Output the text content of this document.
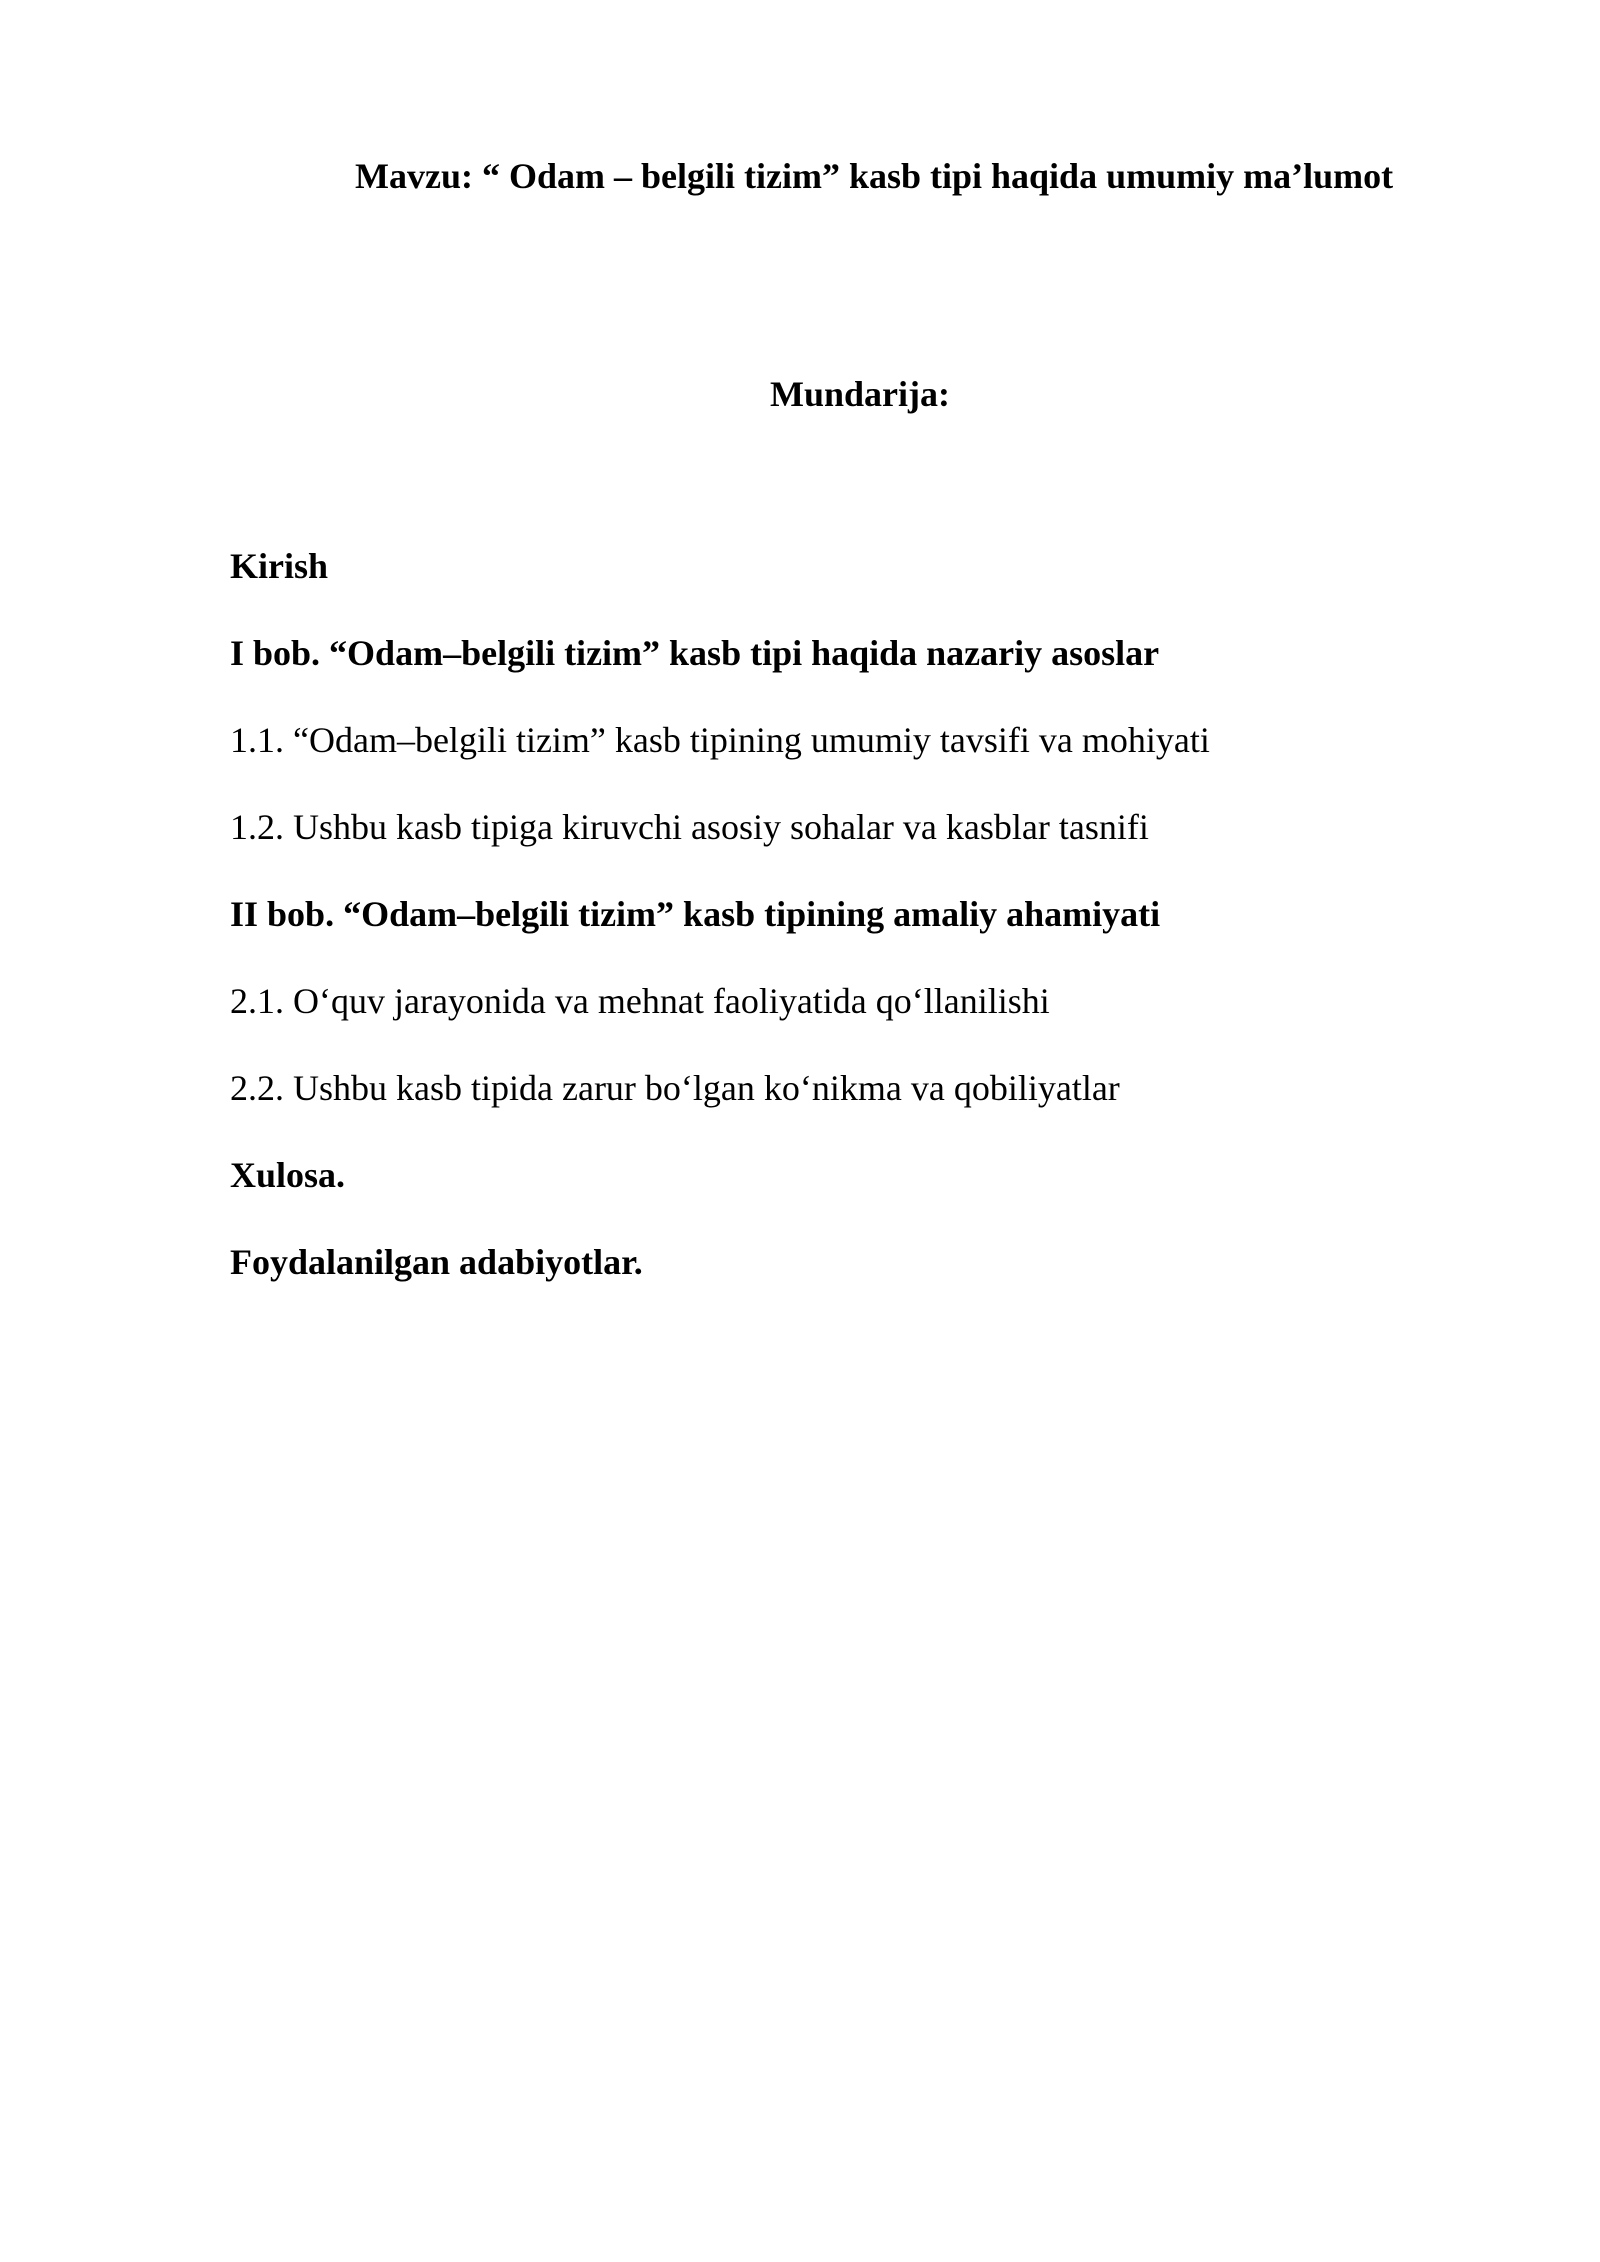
Mavzu: “ Odam – belgili tizim” kasb tipi haqida umumiy ma’lumot
Mundarija:
Kirish
I bob. “Odam–belgili tizim” kasb tipi haqida nazariy asoslar
1.1. “Odam–belgili tizim” kasb tipining umumiy tavsifi va mohiyati
1.2. Ushbu kasb tipiga kiruvchi asosiy sohalar va kasblar tasnifi
II bob. “Odam–belgili tizim” kasb tipining amaliy ahamiyati
2.1. O‘quv jarayonida va mehnat faoliyatida qo‘llanilishi
2.2. Ushbu kasb tipida zarur bo‘lgan ko‘nikma va qobiliyatlar
Xulosa.
Foydalanilgan adabiyotlar.
